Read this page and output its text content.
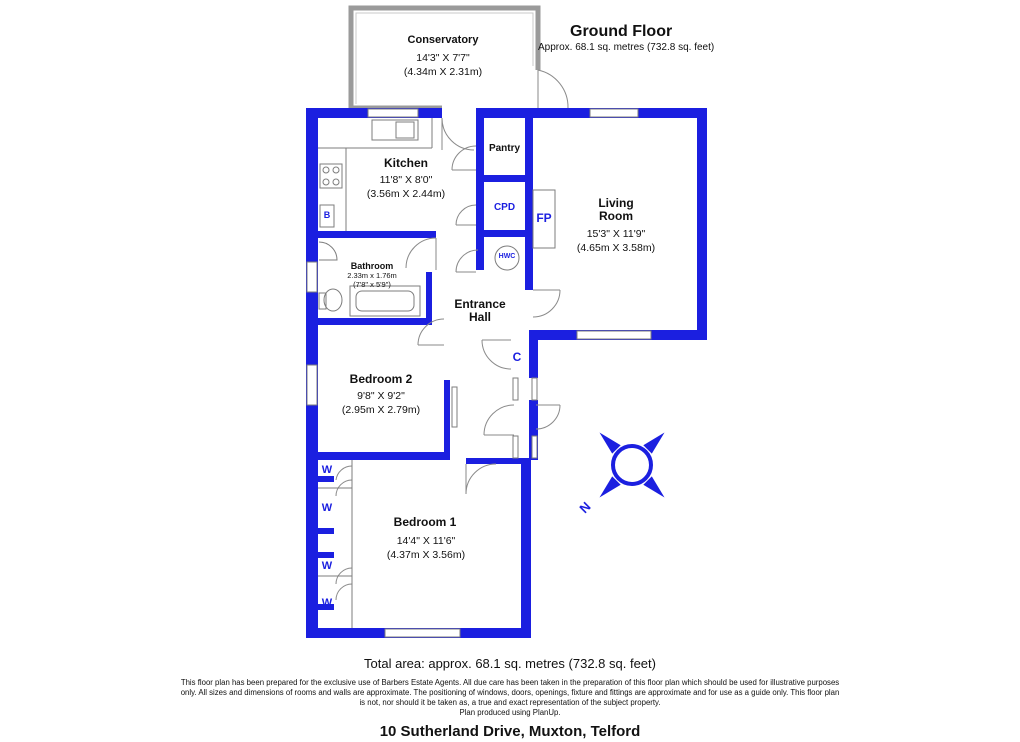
Ground Floor
Approx. 68.1 sq. metres (732.8 sq. feet)
Conservatory
14'3" X 7'7"
(4.34m X 2.31m)
Kitchen
11'8" X 8'0"
(3.56m X 2.44m)
Pantry
CPD
HWC
FP
B
Living
Room
15'3" X 11'9"
(4.65m X 3.58m)
Bathroom
2.33m x 1.76m
(7'8" x 5'9")
Entrance
Hall
C
Bedroom 2
9'8" X 9'2"
(2.95m X 2.79m)
Bedroom 1
14'4" X 11'6"
(4.37m X 3.56m)
W
W
W
W
N
Total area: approx. 68.1 sq. metres (732.8 sq. feet)
This floor plan has been prepared for the exclusive use of Barbers Estate Agents. All due care has been taken in the preparation of this floor plan which should be used for illustrative purposes only. All sizes and dimensions of rooms and walls are approximate. The positioning of windows, doors, openings, fixture and fittings are approximate and for use as a guide only. This floor plan is not, nor should it be taken as, a true and exact representation of the subject property.
Plan produced using PlanUp.
10 Sutherland Drive, Muxton, Telford
